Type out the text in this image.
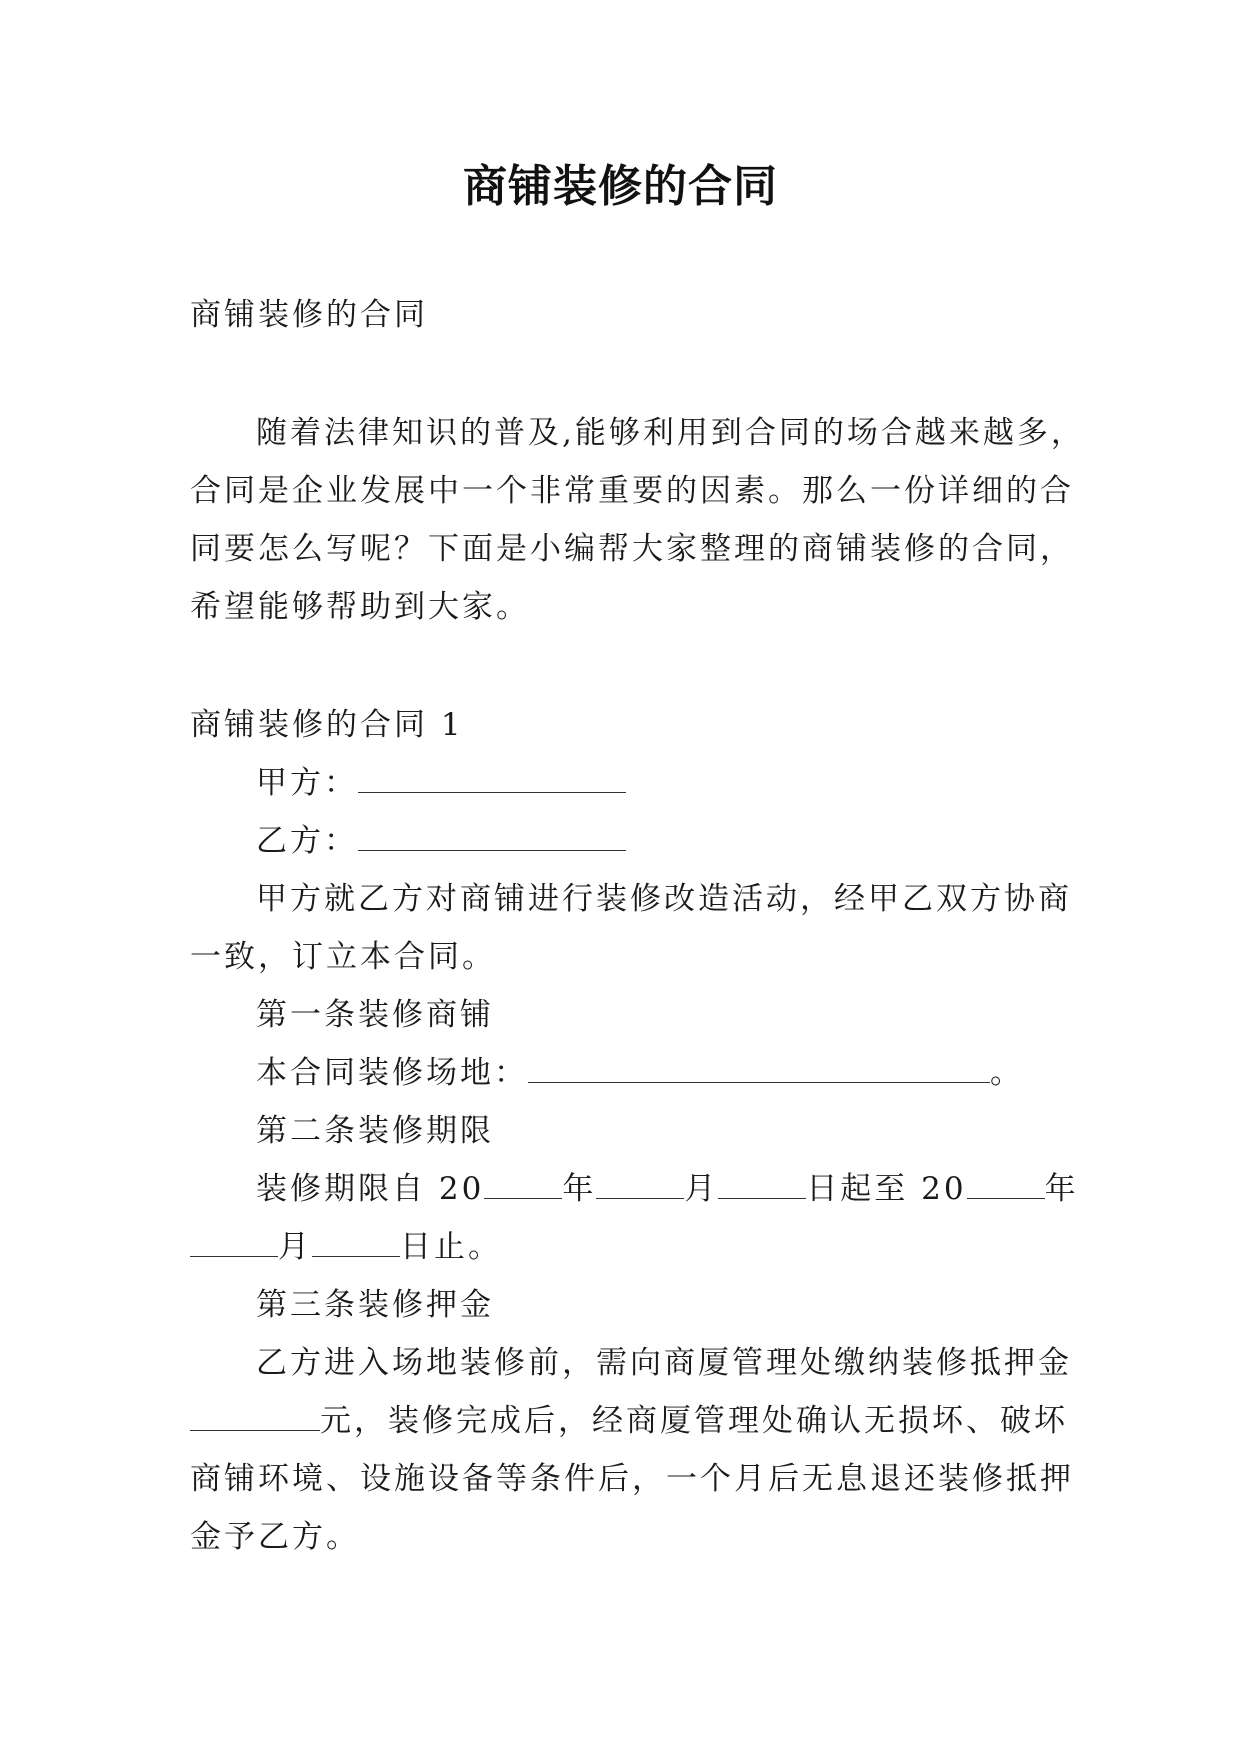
商铺装修的合同

商铺装修的合同

随着法律知识的普及,能够利用到合同的场合越来越多，

合同是企业发展中一个非常重要的因素。那么一份详细的合

同要怎么写呢？下面是小编帮大家整理的商铺装修的合同，

希望能够帮助到大家。

商铺装修的合同 1

甲方：

乙方：

甲方就乙方对商铺进行装修改造活动，经甲乙双方协商

一致，订立本合同。

第一条装修商铺

本合同装修场地：	。

第二条装修期限

装修期限自 20	年	月	日起至 20	年

月	日止。

第三条装修押金

乙方进入场地装修前，需向商厦管理处缴纳装修抵押金

元，装修完成后，经商厦管理处确认无损坏、破坏

商铺环境、设施设备等条件后，一个月后无息退还装修抵押

金予乙方。
